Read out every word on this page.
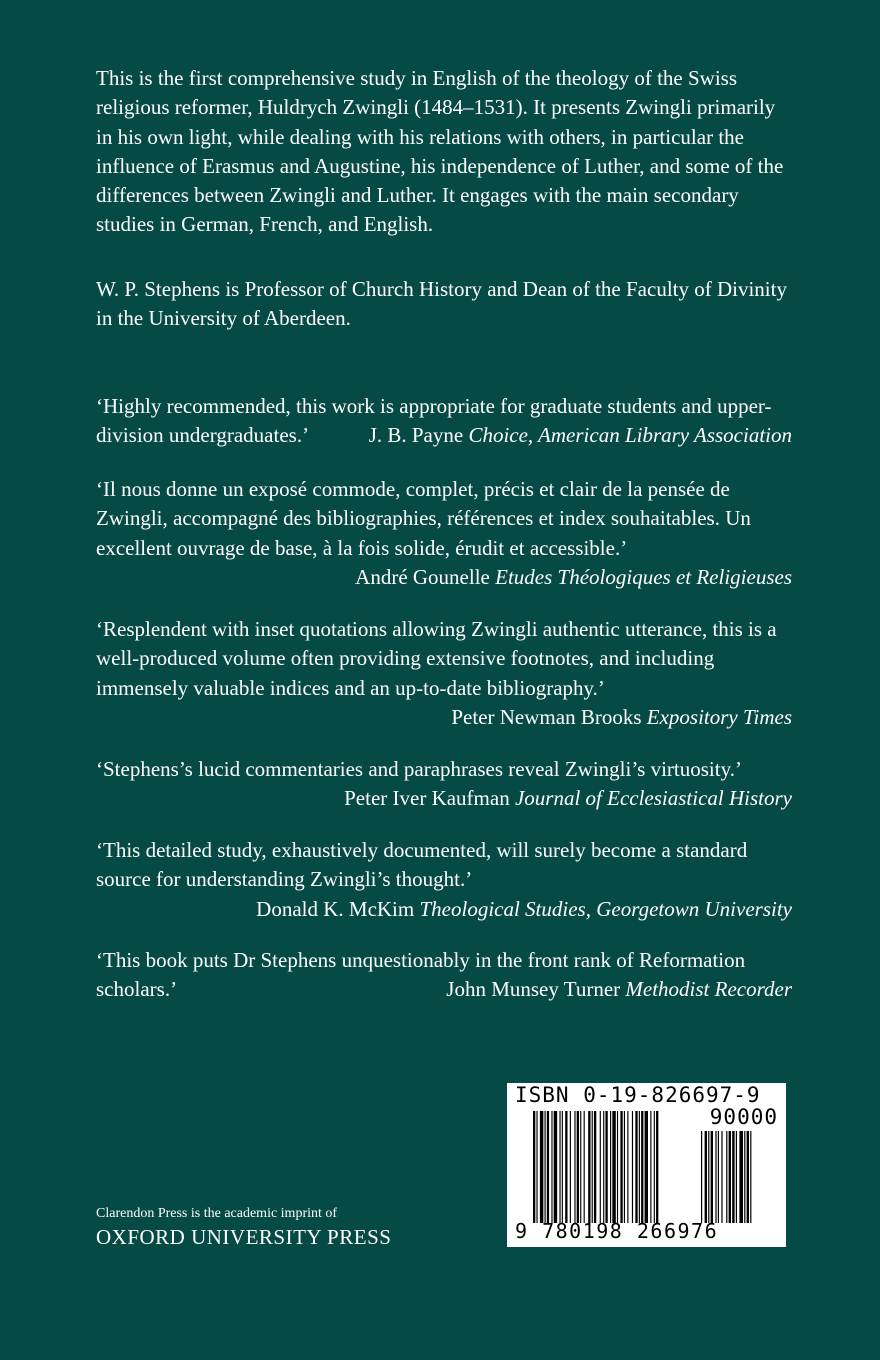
This is the first comprehensive study in English of the theology of the Swiss religious reformer, Huldrych Zwingli (1484–1531). It presents Zwingli primarily in his own light, while dealing with his relations with others, in particular the influence of Erasmus and Augustine, his independence of Luther, and some of the differences between Zwingli and Luther. It engages with the main secondary studies in German, French, and English.

W. P. Stephens is Professor of Church History and Dean of the Faculty of Divinity in the University of Aberdeen.

‘Highly recommended, this work is appropriate for graduate students and upper-division undergraduates.’	J. B. Payne Choice, American Library Association
‘Il nous donne un exposé commode, complet, précis et clair de la pensée de Zwingli, accompagné des bibliographies, références et index souhaitables. Un excellent ouvrage de base, à la fois solide, érudit et accessible.’
André Gounelle Etudes Théologiques et Religieuses
‘Resplendent with inset quotations allowing Zwingli authentic utterance, this is a well-produced volume often providing extensive footnotes, and including immensely valuable indices and an up-to-date bibliography.’
Peter Newman Brooks Expository Times
‘Stephens’s lucid commentaries and paraphrases reveal Zwingli’s virtuosity.’
Peter Iver Kaufman Journal of Ecclesiastical History
‘This detailed study, exhaustively documented, will surely become a standard source for understanding Zwingli’s thought.’
Donald K. McKim Theological Studies, Georgetown University
‘This book puts Dr Stephens unquestionably in the front rank of Reformation scholars.’	John Munsey Turner Methodist Recorder
Clarendon Press is the academic imprint of
OXFORD UNIVERSITY PRESS
ISBN 0-19-826697-9
90000
9 780198 266976
